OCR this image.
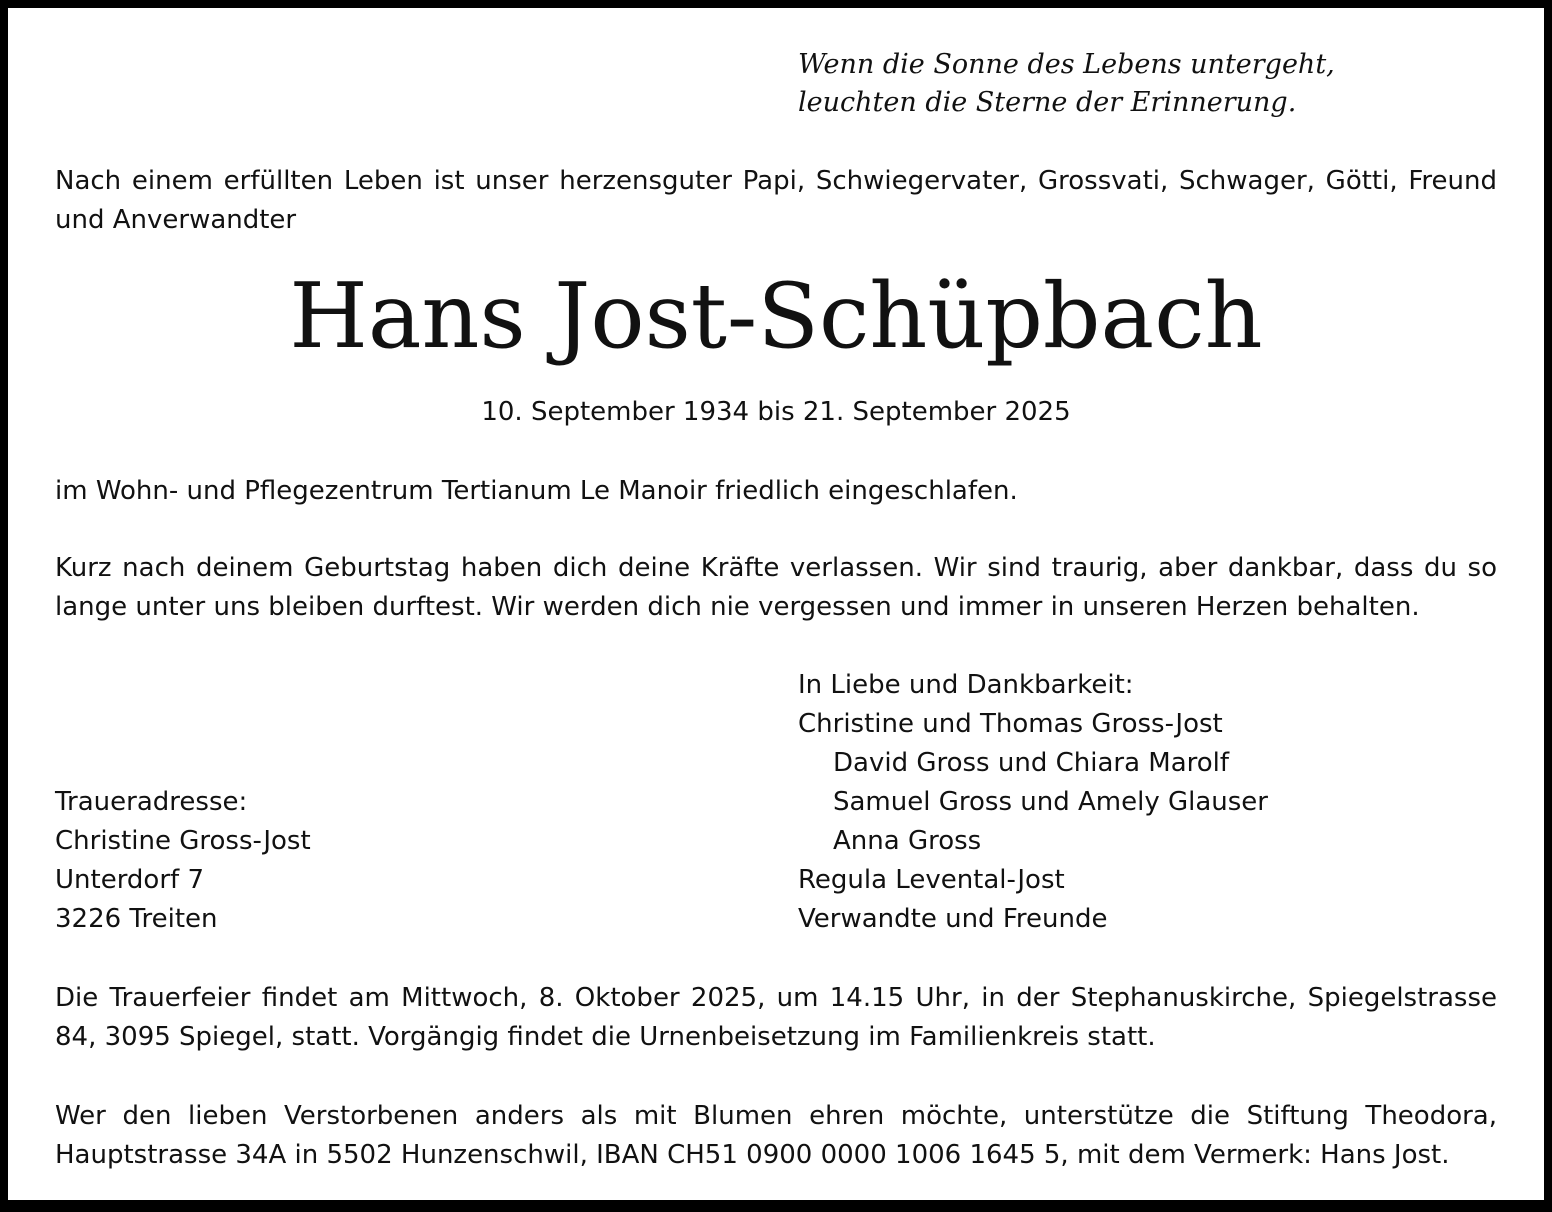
Wenn die Sonne des Lebens untergeht,
leuchten die Sterne der Erinnerung.

Nach einem erfüllten Leben ist unser herzensguter Papi, Schwiegervater, Grossvati, Schwager, Götti, Freund und Anverwandter

Hans Jost-Schüpbach

10. September 1934 bis 21. September 2025

im Wohn- und Pflegezentrum Tertianum Le Manoir friedlich eingeschlafen.

Kurz nach deinem Geburtstag haben dich deine Kräfte verlassen. Wir sind traurig, aber dankbar, dass du so lange unter uns bleiben durftest. Wir werden dich nie vergessen und immer in unseren Herzen behalten.

In Liebe und Dankbarkeit:
Christine und Thomas Gross-Jost
David Gross und Chiara Marolf
Samuel Gross und Amely Glauser
Anna Gross
Regula Levental-Jost
Verwandte und Freunde
Traueradresse:
Christine Gross-Jost
Unterdorf 7
3226 Treiten

Die Trauerfeier findet am Mittwoch, 8. Oktober 2025, um 14.15 Uhr, in der Stephanuskirche, Spiegelstrasse 84, 3095 Spiegel, statt. Vorgängig findet die Urnenbeisetzung im Familienkreis statt.

Wer den lieben Verstorbenen anders als mit Blumen ehren möchte, unterstütze die Stiftung Theodora, Hauptstrasse 34A in 5502 Hunzenschwil, IBAN CH51 0900 0000 1006 1645 5, mit dem Vermerk: Hans Jost.
